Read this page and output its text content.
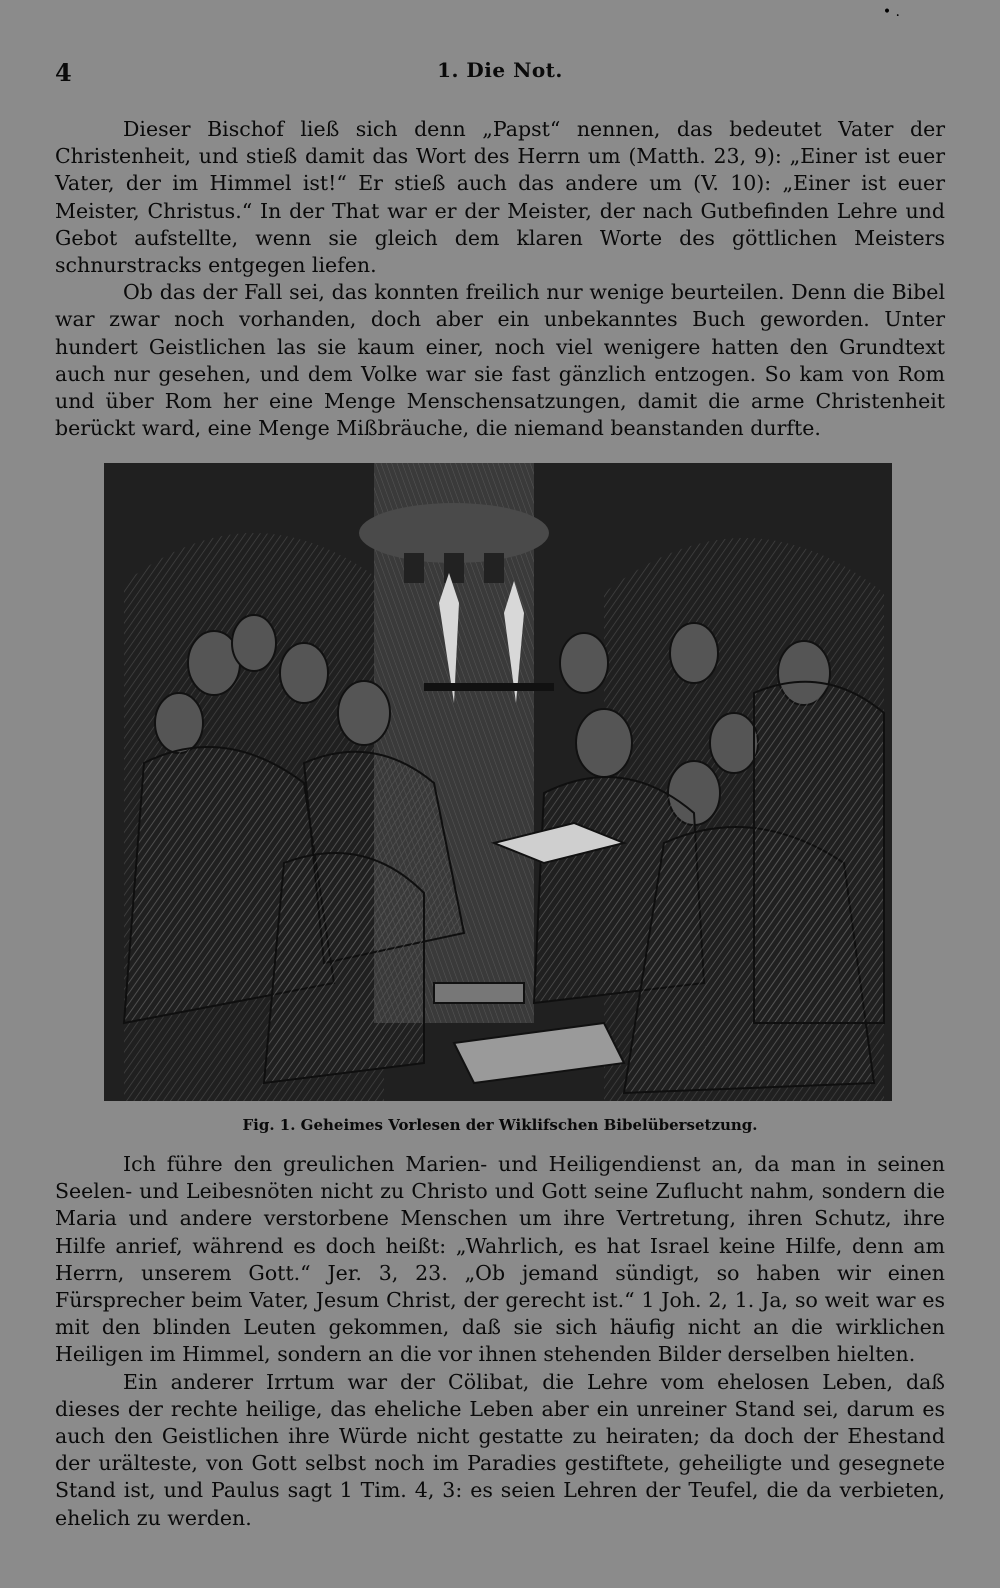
• .
4	1. Die Not.

Dieser Bischof ließ sich denn „Papst“ nennen, das bedeutet Vater der Christenheit, und stieß damit das Wort des Herrn um (Matth. 23, 9): „Einer ist euer Vater, der im Himmel ist!“ Er stieß auch das andere um (V. 10): „Einer ist euer Meister, Christus.“ In der That war er der Meister, der nach Gutbefinden Lehre und Gebot aufstellte, wenn sie gleich dem klaren Worte des göttlichen Meisters schnurstracks entgegen liefen.

Ob das der Fall sei, das konnten freilich nur wenige beurteilen. Denn die Bibel war zwar noch vorhanden, doch aber ein unbekanntes Buch geworden. Unter hundert Geistlichen las sie kaum einer, noch viel wenigere hatten den Grundtext auch nur gesehen, und dem Volke war sie fast gänzlich entzogen. So kam von Rom und über Rom her eine Menge Menschensatzungen, damit die arme Christenheit berückt ward, eine Menge Mißbräuche, die niemand beanstanden durfte.

Fig. 1. Geheimes Vorlesen der Wiklifschen Bibelübersetzung.

Ich führe den greulichen Marien- und Heiligendienst an, da man in seinen Seelen- und Leibesnöten nicht zu Christo und Gott seine Zuflucht nahm, sondern die Maria und andere verstorbene Menschen um ihre Vertretung, ihren Schutz, ihre Hilfe anrief, während es doch heißt: „Wahrlich, es hat Israel keine Hilfe, denn am Herrn, unserem Gott.“ Jer. 3, 23. „Ob jemand sündigt, so haben wir einen Fürsprecher beim Vater, Jesum Christ, der gerecht ist.“ 1 Joh. 2, 1. Ja, so weit war es mit den blinden Leuten gekommen, daß sie sich häufig nicht an die wirklichen Heiligen im Himmel, sondern an die vor ihnen stehenden Bilder derselben hielten.

Ein anderer Irrtum war der Cölibat, die Lehre vom ehelosen Leben, daß dieses der rechte heilige, das eheliche Leben aber ein unreiner Stand sei, darum es auch den Geistlichen ihre Würde nicht gestatte zu heiraten; da doch der Ehestand der urälteste, von Gott selbst noch im Paradies gestiftete, geheiligte und gesegnete Stand ist, und Paulus sagt 1 Tim. 4, 3: es seien Lehren der Teufel, die da verbieten, ehelich zu werden.
